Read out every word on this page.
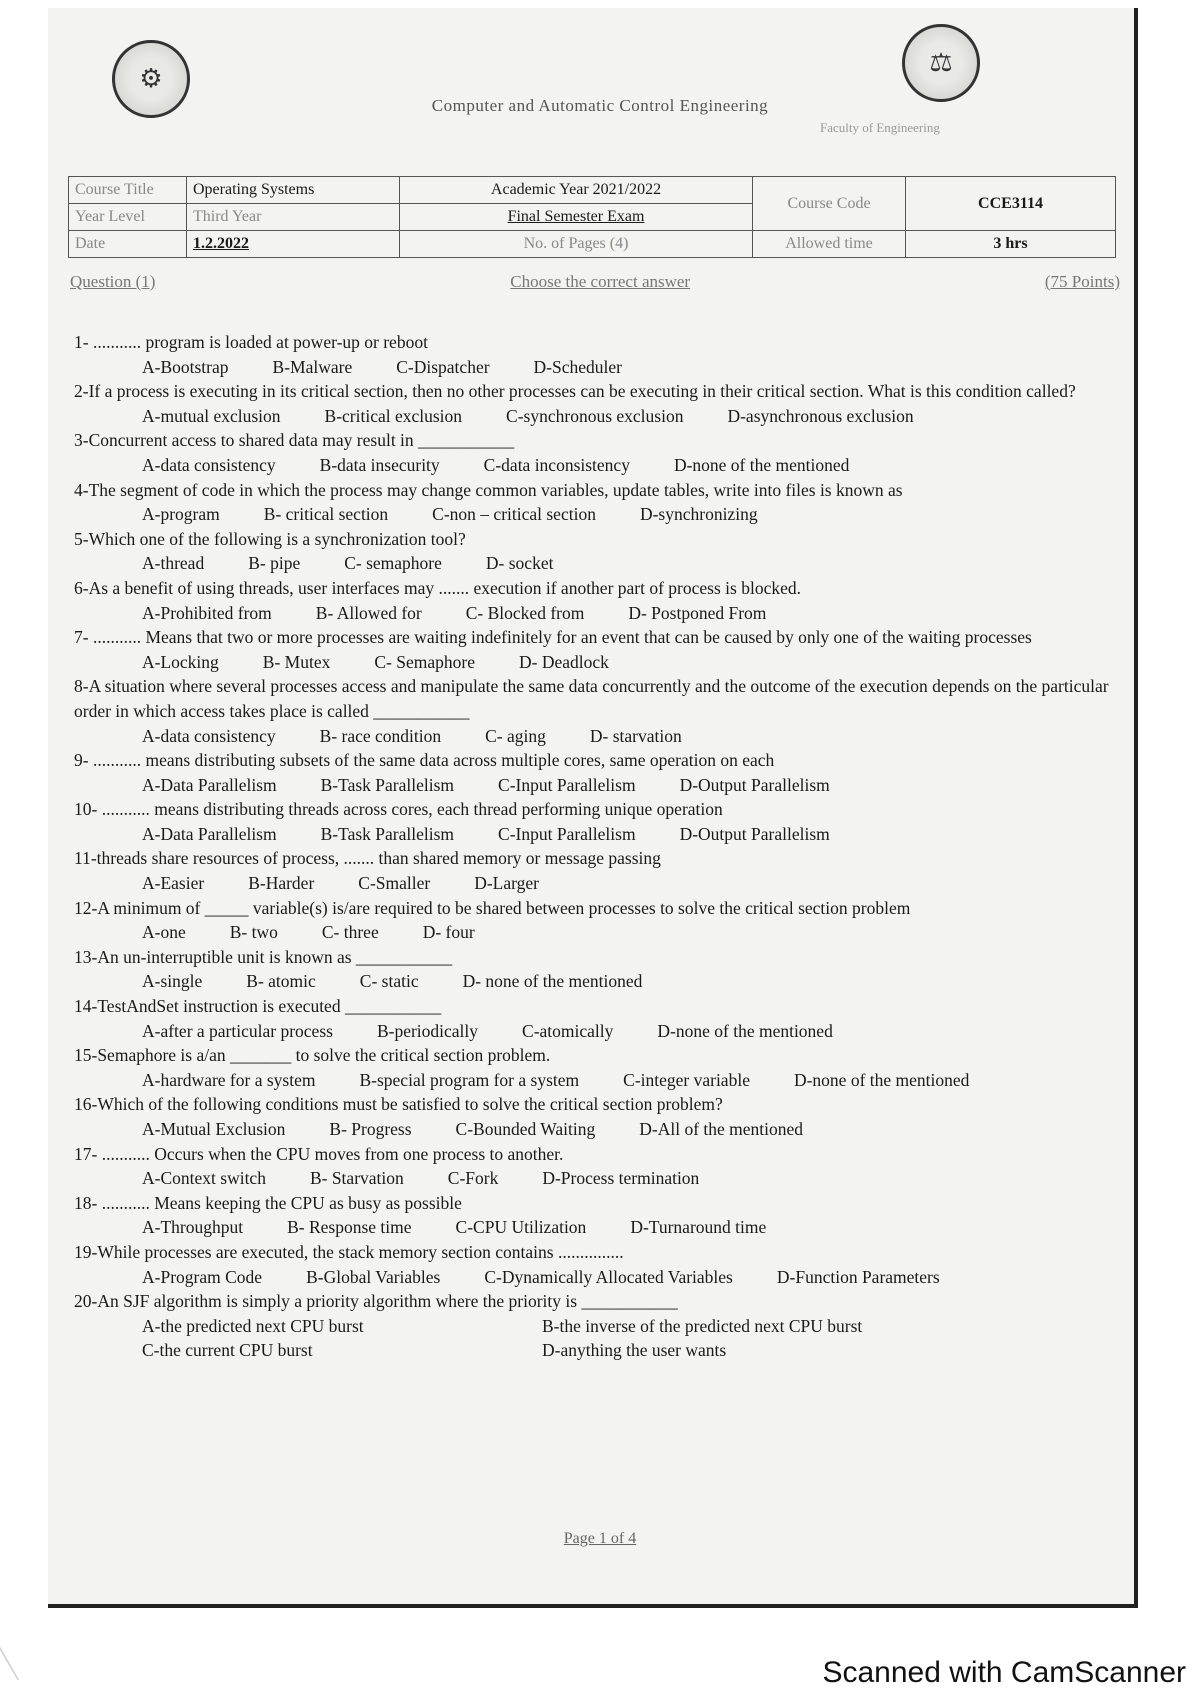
⚙
⚖
Computer and Automatic Control Engineering
Faculty of Engineering
Course Title	Operating Systems	Academic Year 2021/2022	Course Code	CCE3114
Year Level	Third Year	Final Semester Exam		
Date	1.2.2022	No. of Pages (4)	Allowed time	3 hrs
Question (1)	Choose the correct answer	(75 Points)

1- ........... program is loaded at power-up or reboot

A-Bootstrap	B-Malware	C-Dispatcher	D-Scheduler

2-If a process is executing in its critical section, then no other processes can be executing in their critical section. What is this condition called?

A-mutual exclusion	B-critical exclusion	C-synchronous exclusion	D-asynchronous exclusion

3-Concurrent access to shared data may result in ___________

A-data consistency	B-data insecurity	C-data inconsistency	D-none of the mentioned

4-The segment of code in which the process may change common variables, update tables, write into files is known as

A-program	B- critical section	C-non – critical section	D-synchronizing

5-Which one of the following is a synchronization tool?

A-thread	B- pipe	C- semaphore	D- socket

6-As a benefit of using threads, user interfaces may ....... execution if another part of process is blocked.

A-Prohibited from	B- Allowed for	C- Blocked from	D- Postponed From

7- ........... Means that two or more processes are waiting indefinitely for an event that can be caused by only one of the waiting processes

A-Locking	B- Mutex	C- Semaphore	D- Deadlock

8-A situation where several processes access and manipulate the same data concurrently and the outcome of the execution depends on the particular order in which access takes place is called ___________

A-data consistency	B- race condition	C- aging	D- starvation

9- ........... means distributing subsets of the same data across multiple cores, same operation on each

A-Data Parallelism	B-Task Parallelism	C-Input Parallelism	D-Output Parallelism

10- ........... means distributing threads across cores, each thread performing unique operation

A-Data Parallelism	B-Task Parallelism	C-Input Parallelism	D-Output Parallelism

11-threads share resources of process, ....... than shared memory or message passing

A-Easier	B-Harder	C-Smaller	D-Larger

12-A minimum of _____ variable(s) is/are required to be shared between processes to solve the critical section problem

A-one	B- two	C- three	D- four

13-An un-interruptible unit is known as ___________

A-single	B- atomic	C- static	D- none of the mentioned

14-TestAndSet instruction is executed ___________

A-after a particular process	B-periodically	C-atomically	D-none of the mentioned

15-Semaphore is a/an _______ to solve the critical section problem.

A-hardware for a system	B-special program for a system	C-integer variable	D-none of the mentioned

16-Which of the following conditions must be satisfied to solve the critical section problem?

A-Mutual Exclusion	B- Progress	C-Bounded Waiting	D-All of the mentioned

17- ........... Occurs when the CPU moves from one process to another.

A-Context switch	B- Starvation	C-Fork	D-Process termination

18- ........... Means keeping the CPU as busy as possible

A-Throughput	B- Response time	C-CPU Utilization	D-Turnaround time

19-While processes are executed, the stack memory section contains ...............

A-Program Code	B-Global Variables	C-Dynamically Allocated Variables	D-Function Parameters

20-An SJF algorithm is simply a priority algorithm where the priority is ___________

A-the predicted next CPU burst	B-the inverse of the predicted next CPU burst
C-the current CPU burst	D-anything the user wants
Page 1 of 4
Scanned with CamScanner
